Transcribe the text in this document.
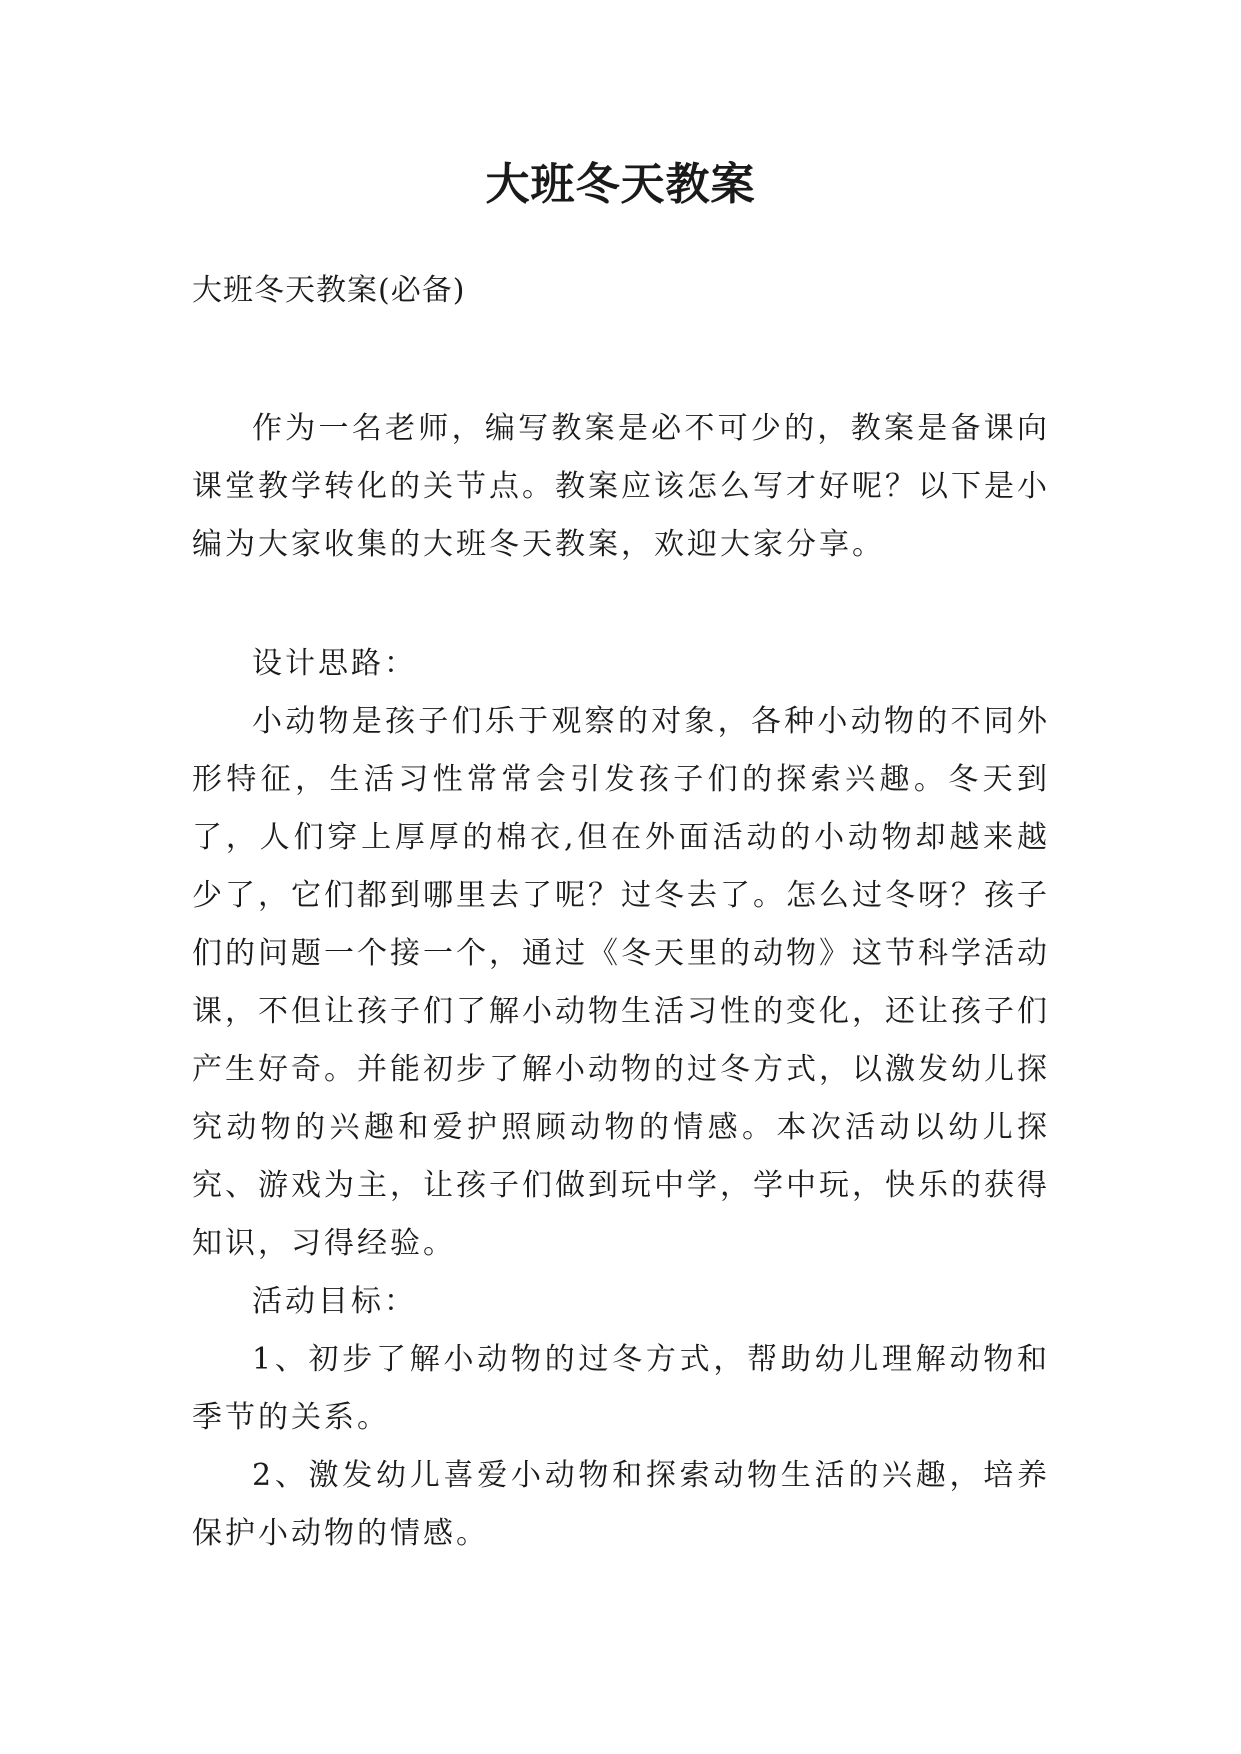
大班冬天教案

大班冬天教案(必备)

作为一名老师，编写教案是必不可少的，教案是备课向课堂教学转化的关节点。教案应该怎么写才好呢？以下是小编为大家收集的大班冬天教案，欢迎大家分享。

设计思路：

小动物是孩子们乐于观察的对象，各种小动物的不同外形特征，生活习性常常会引发孩子们的探索兴趣。冬天到了，人们穿上厚厚的棉衣,但在外面活动的小动物却越来越少了，它们都到哪里去了呢？过冬去了。怎么过冬呀？孩子们的问题一个接一个，通过《冬天里的动物》这节科学活动课，不但让孩子们了解小动物生活习性的变化，还让孩子们产生好奇。并能初步了解小动物的过冬方式，以激发幼儿探究动物的兴趣和爱护照顾动物的情感。本次活动以幼儿探究、游戏为主，让孩子们做到玩中学，学中玩，快乐的获得知识，习得经验。

活动目标：

1、初步了解小动物的过冬方式，帮助幼儿理解动物和季节的关系。

2、激发幼儿喜爱小动物和探索动物生活的兴趣，培养保护小动物的情感。
